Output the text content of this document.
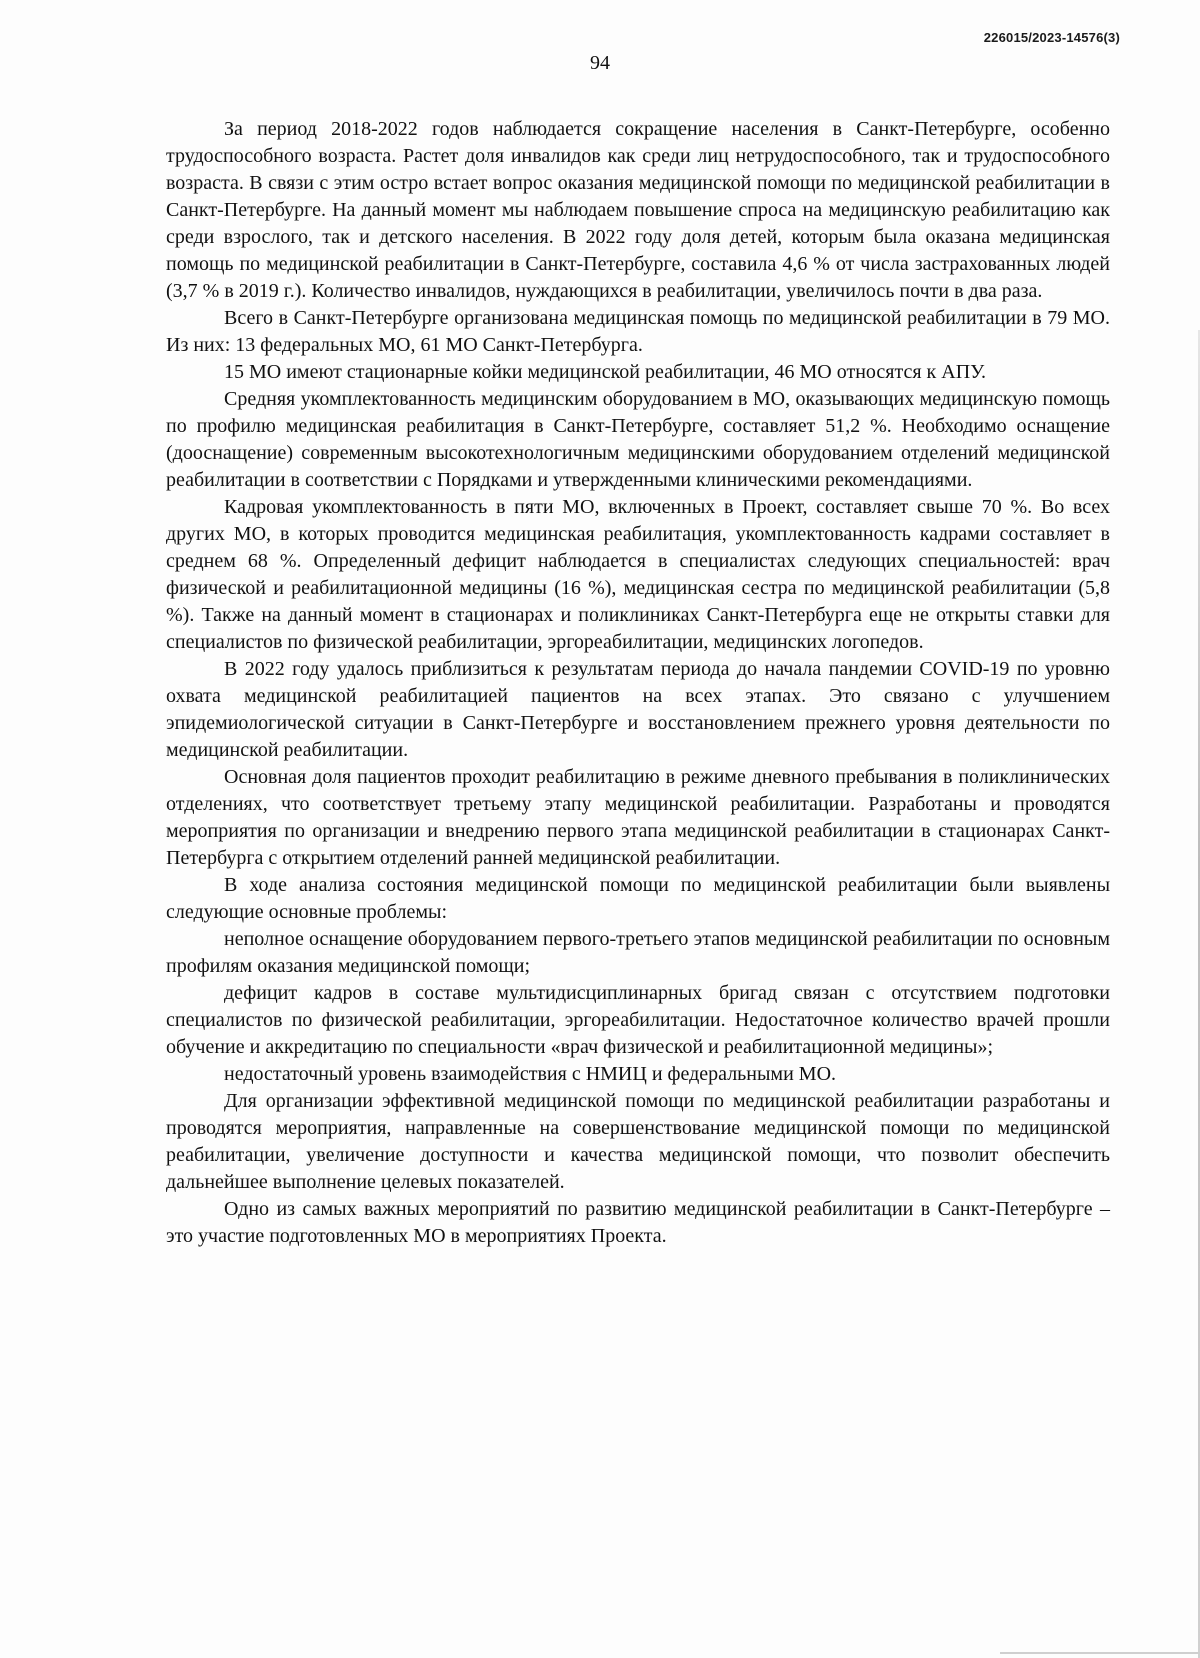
226015/2023-14576(3)
94

За период 2018-2022 годов наблюдается сокращение населения в Санкт-Петербурге, особенно трудоспособного возраста. Растет доля инвалидов как среди лиц нетрудоспособного, так и трудоспособного возраста. В связи с этим остро встает вопрос оказания медицинской помощи по медицинской реабилитации в Санкт-Петербурге. На данный момент мы наблюдаем повышение спроса на медицинскую реабилитацию как среди взрослого, так и детского населения. В 2022 году доля детей, которым была оказана медицинская помощь по медицинской реабилитации в Санкт-Петербурге, составила 4,6 % от числа застрахованных людей (3,7 % в 2019 г.). Количество инвалидов, нуждающихся в реабилитации, увеличилось почти в два раза.

Всего в Санкт-Петербурге организована медицинская помощь по медицинской реабилитации в 79 МО. Из них: 13 федеральных МО, 61 МО Санкт-Петербурга.

15 МО имеют стационарные койки медицинской реабилитации, 46 МО относятся к АПУ.

Средняя укомплектованность медицинским оборудованием в МО, оказывающих медицинскую помощь по профилю медицинская реабилитация в Санкт-Петербурге, составляет 51,2 %. Необходимо оснащение (дооснащение) современным высокотехнологичным медицинскими оборудованием отделений медицинской реабилитации в соответствии с Порядками и утвержденными клиническими рекомендациями.

Кадровая укомплектованность в пяти МО, включенных в Проект, составляет свыше 70 %. Во всех других МО, в которых проводится медицинская реабилитация, укомплектованность кадрами составляет в среднем 68 %. Определенный дефицит наблюдается в специалистах следующих специальностей: врач физической и реабилитационной медицины (16 %), медицинская сестра по медицинской реабилитации (5,8 %). Также на данный момент в стационарах и поликлиниках Санкт-Петербурга еще не открыты ставки для специалистов по физической реабилитации, эргореабилитации, медицинских логопедов.

В 2022 году удалось приблизиться к результатам периода до начала пандемии COVID-19 по уровню охвата медицинской реабилитацией пациентов на всех этапах. Это связано с улучшением эпидемиологической ситуации в Санкт-Петербурге и восстановлением прежнего уровня деятельности по медицинской реабилитации.

Основная доля пациентов проходит реабилитацию в режиме дневного пребывания в поликлинических отделениях, что соответствует третьему этапу медицинской реабилитации. Разработаны и проводятся мероприятия по организации и внедрению первого этапа медицинской реабилитации в стационарах Санкт-Петербурга с открытием отделений ранней медицинской реабилитации.

В ходе анализа состояния медицинской помощи по медицинской реабилитации были выявлены следующие основные проблемы:

неполное оснащение оборудованием первого-третьего этапов медицинской реабилитации по основным профилям оказания медицинской помощи;

дефицит кадров в составе мультидисциплинарных бригад связан с отсутствием подготовки специалистов по физической реабилитации, эргореабилитации. Недостаточное количество врачей прошли обучение и аккредитацию по специальности «врач физической и реабилитационной медицины»;

недостаточный уровень взаимодействия с НМИЦ и федеральными МО.

Для организации эффективной медицинской помощи по медицинской реабилитации разработаны и проводятся мероприятия, направленные на совершенствование медицинской помощи по медицинской реабилитации, увеличение доступности и качества медицинской помощи, что позволит обеспечить дальнейшее выполнение целевых показателей.

Одно из самых важных мероприятий по развитию медицинской реабилитации в Санкт-Петербурге – это участие подготовленных МО в мероприятиях Проекта.
